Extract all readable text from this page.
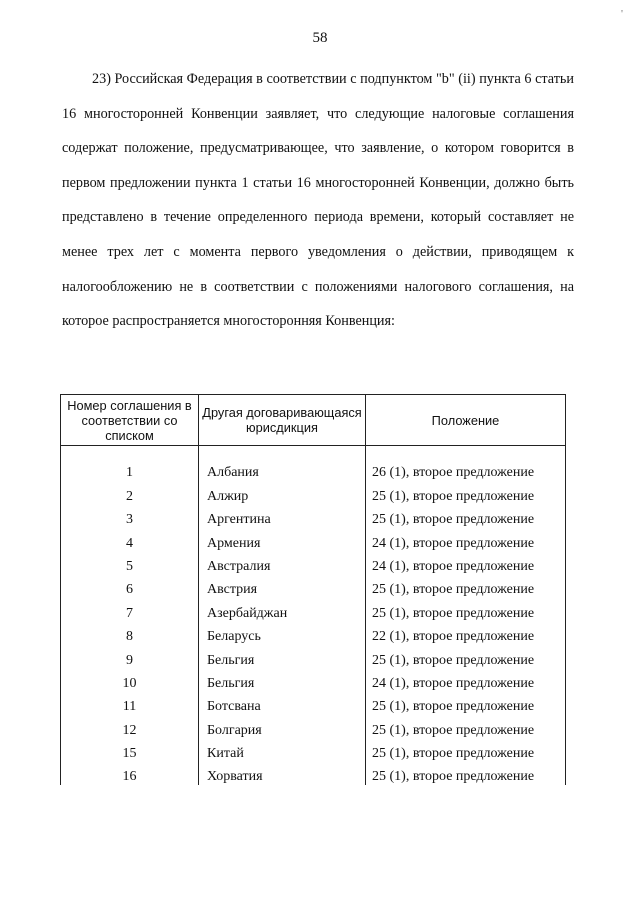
'
58

23) Российская Федерация в соответствии с подпунктом "b" (ii) пункта 6 статьи 16 многосторонней Конвенции заявляет, что следующие налоговые соглашения содержат положение, предусматривающее, что заявление, о котором говорится в первом предложении пункта 1 статьи 16 многосторонней Конвенции, должно быть представлено в течение определенного периода времени, который составляет не менее трех лет с момента первого уведомления о действии, приводящем к налогообложению не в соответствии с положениями налогового соглашения, на которое распространяется многосторонняя Конвенция:

Номер соглашения в соответствии со списком	Другая договаривающаяся юрисдикция	Положение

1	Албания	26 (1), второе предложение
2	Алжир	25 (1), второе предложение
3	Аргентина	25 (1), второе предложение
4	Армения	24 (1), второе предложение
5	Австралия	24 (1), второе предложение
6	Австрия	25 (1), второе предложение
7	Азербайджан	25 (1), второе предложение
8	Беларусь	22 (1), второе предложение
9	Бельгия	25 (1), второе предложение
10	Бельгия	24 (1), второе предложение
11	Ботсвана	25 (1), второе предложение
12	Болгария	25 (1), второе предложение
15	Китай	25 (1), второе предложение
16	Хорватия	25 (1), второе предложение
